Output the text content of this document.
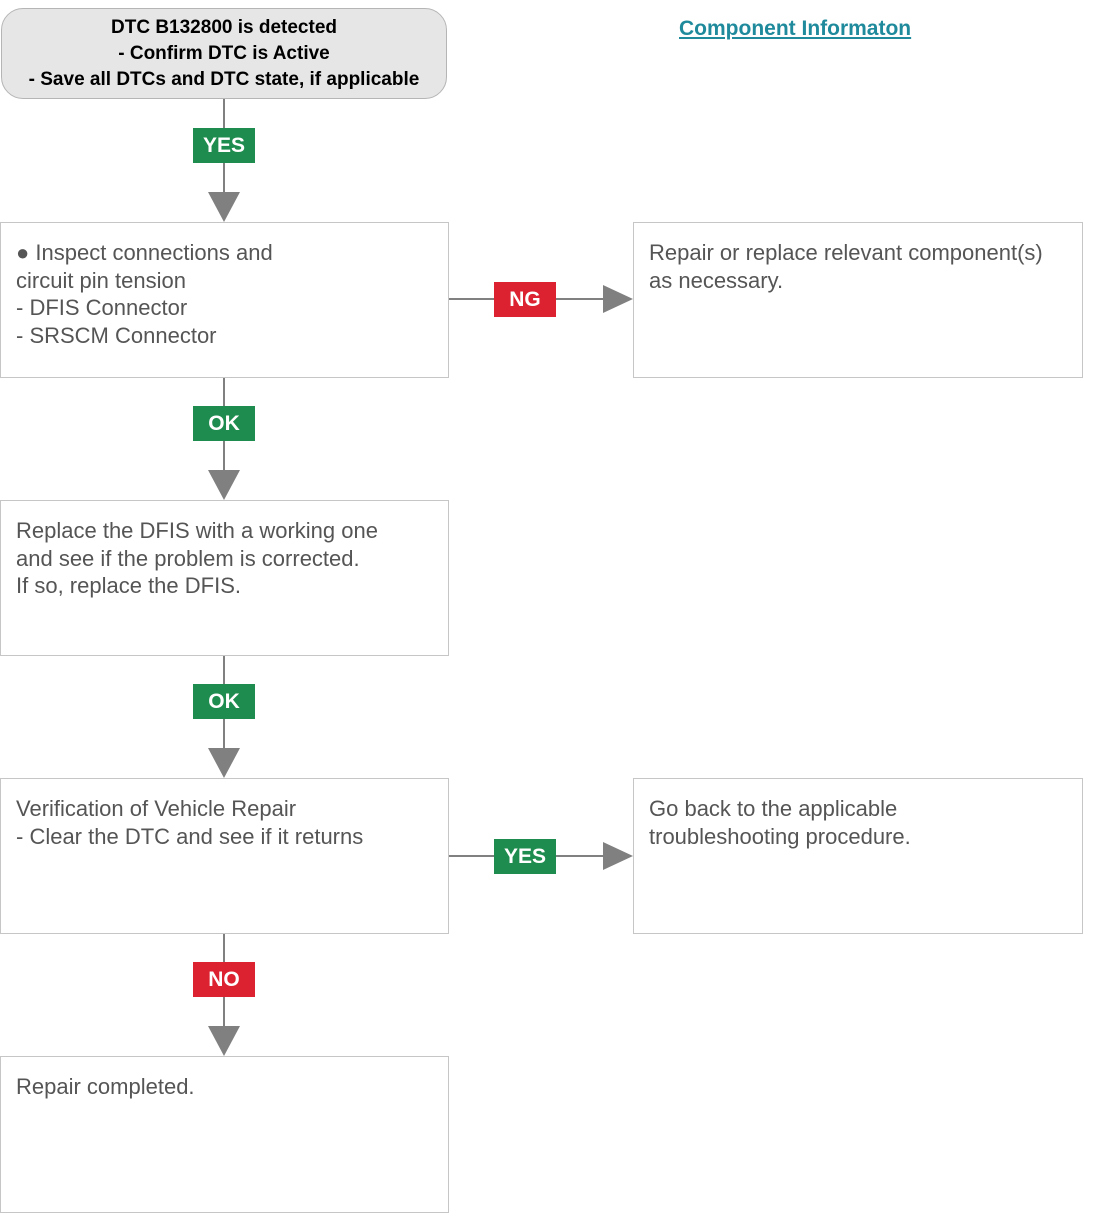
DTC B132800 is detected
- Confirm DTC is Active
- Save all DTCs and DTC state, if applicable
Component Informaton
YES
● Inspect connections and
circuit pin tension
- DFIS Connector
- SRSCM Connector
NG
Repair or replace relevant component(s)
as necessary.
OK
Replace the DFIS with a working one
and see if the problem is corrected.
If so, replace the DFIS.
OK
Verification of Vehicle Repair
- Clear the DTC and see if it returns
YES
Go back to the applicable
troubleshooting procedure.
NO
Repair completed.
